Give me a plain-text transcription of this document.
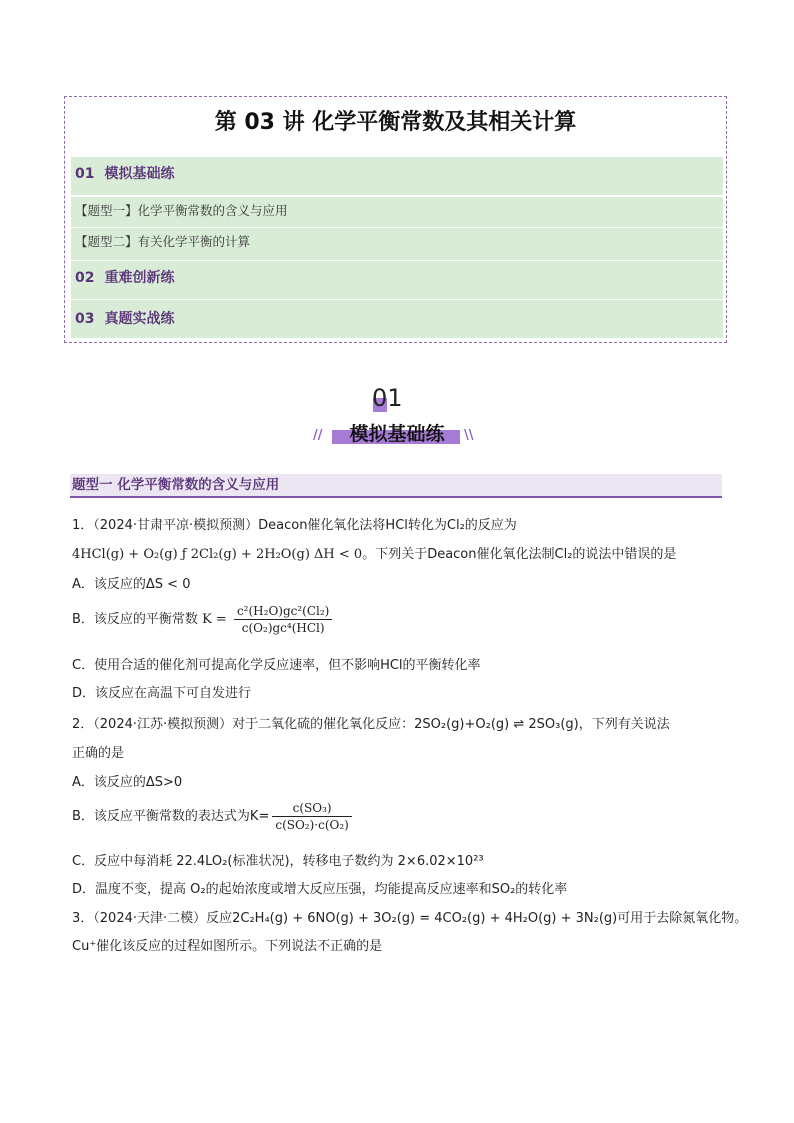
第 03 讲 化学平衡常数及其相关计算
01 模拟基础练
【题型一】化学平衡常数的含义与应用
【题型二】有关化学平衡的计算
02 重难创新练
03 真题实战练
01
//	模拟基础练	\\
题型一 化学平衡常数的含义与应用
1．（2024·甘肃平凉·模拟预测）Deacon催化氧化法将HCl转化为Cl₂的反应为
4HCl(g) + O₂(g) ƒ 2Cl₂(g) + 2H₂O(g) ΔH < 0。下列关于Deacon催化氧化法制Cl₂的说法中错误的是
A．该反应的ΔS < 0
B．该反应的平衡常数 $K = \frac{\text{c²(H₂O)gc²(Cl₂)}}{\text{c(O₂)gc⁴(HCl)}}$
C．使用合适的催化剂可提高化学反应速率，但不影响HCl的平衡转化率
D．该反应在高温下可自发进行
2．（2024·江苏·模拟预测）对于二氧化硫的催化氧化反应：2SO₂(g)+O₂(g) ⇌ 2SO₃(g)，下列有关说法
正确的是
A．该反应的ΔS>0
B．该反应平衡常数的表达式为$K= \frac{\text{c(SO₃)}}{\text{c(SO₂)·c(O₂)}}$
C．反应中每消耗 22.4LO₂(标准状况)，转移电子数约为 2×6.02×10²³
D．温度不变，提高 O₂的起始浓度或增大反应压强，均能提高反应速率和SO₂的转化率
3．（2024·天津·二模）反应2C₂H₄(g) + 6NO(g) + 3O₂(g) = 4CO₂(g) + 4H₂O(g) + 3N₂(g)可用于去除氮氧化物。
Cu⁺催化该反应的过程如图所示。下列说法不正确的是
